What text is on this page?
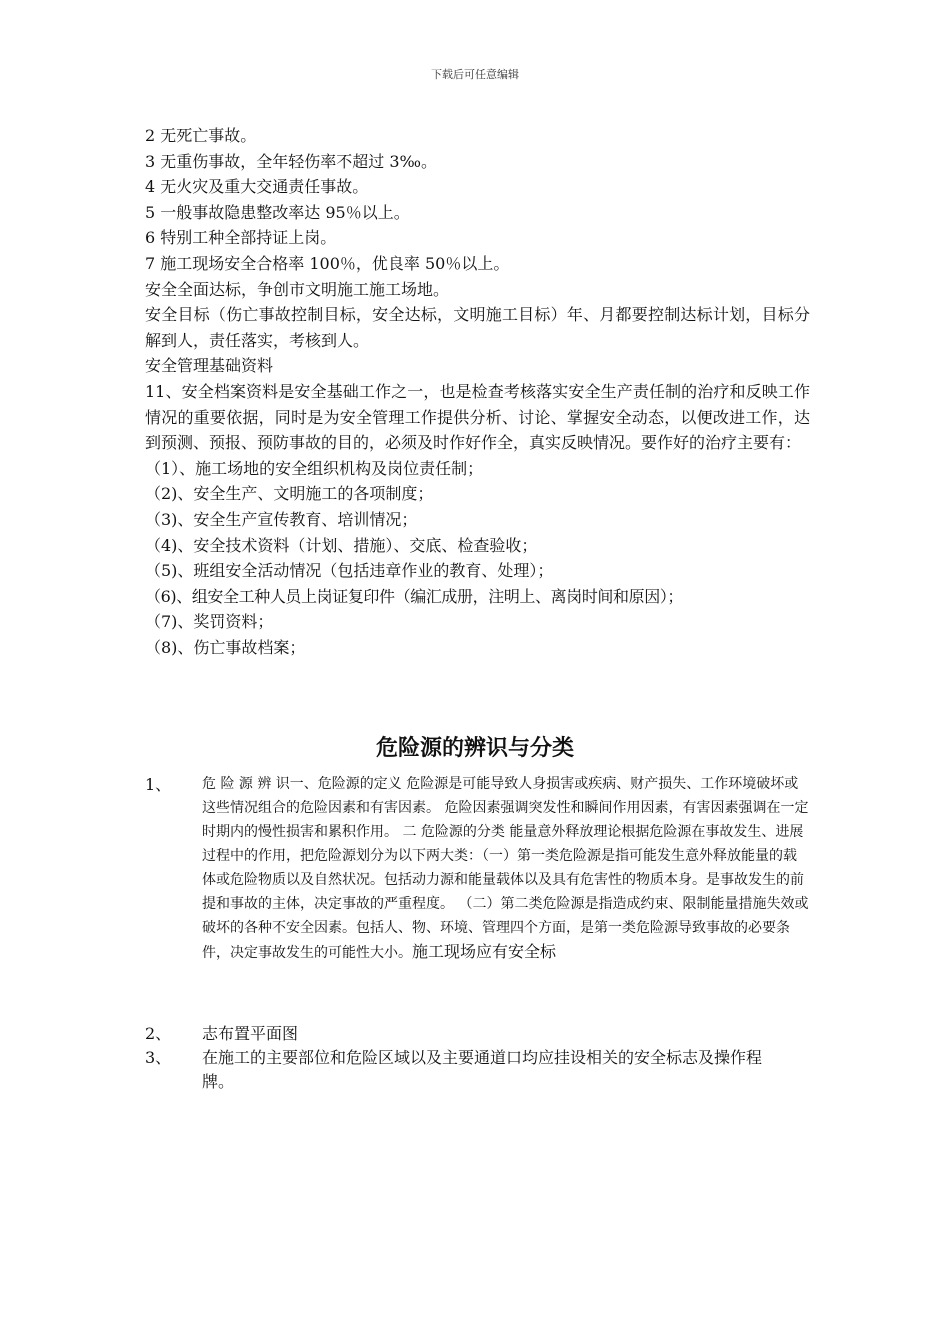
下载后可任意编辑
2 无死亡事故。
3 无重伤事故，全年轻伤率不超过 3‰。
4 无火灾及重大交通责任事故。
5 一般事故隐患整改率达 95％以上。
6 特别工种全部持证上岗。
7 施工现场安全合格率 100％，优良率 50％以上。
安全全面达标，争创市文明施工施工场地。
安全目标（伤亡事故控制目标，安全达标，文明施工目标）年、月都要控制达标计划，目标分解到人，责任落实，考核到人。
安全管理基础资料
11、安全档案资料是安全基础工作之一，也是检查考核落实安全生产责任制的治疗和反映工作情况的重要依据，同时是为安全管理工作提供分析、讨论、掌握安全动态，以便改进工作，达到预测、预报、预防事故的目的，必须及时作好作全，真实反映情况。要作好的治疗主要有：
（1）、施工场地的安全组织机构及岗位责任制；
（2)、安全生产、文明施工的各项制度；
（3)、安全生产宣传教育、培训情况；
（4)、安全技术资料（计划、措施）、交底、检查验收；
（5)、班组安全活动情况（包括违章作业的教育、处理）；
（6)、组安全工种人员上岗证复印件（编汇成册，注明上、离岗时间和原因）；
（7)、奖罚资料；
（8)、伤亡事故档案；
危险源的辨识与分类
1、 危 险 源 辨 识一、危险源的定义 危险源是可能导致人身损害或疾病、财产损失、工作环境破坏或这些情况组合的危险因素和有害因素。 危险因素强调突发性和瞬间作用因素，有害因素强调在一定时期内的慢性损害和累积作用。 二 危险源的分类 能量意外释放理论根据危险源在事故发生、进展过程中的作用，把危险源划分为以下两大类：（一）第一类危险源是指可能发生意外释放能量的载体或危险物质以及自然状况。包括动力源和能量载体以及具有危害性的物质本身。是事故发生的前提和事故的主体，决定事故的严重程度。 （二）第二类危险源是指造成约束、限制能量措施失效或破坏的各种不安全因素。包括人、物、环境、管理四个方面，是第一类危险源导致事故的必要条件，决定事故发生的可能性大小。施工现场应有安全标
2、 志布置平面图
3、 在施工的主要部位和危险区域以及主要通道口均应挂设相关的安全标志及操作程牌。
